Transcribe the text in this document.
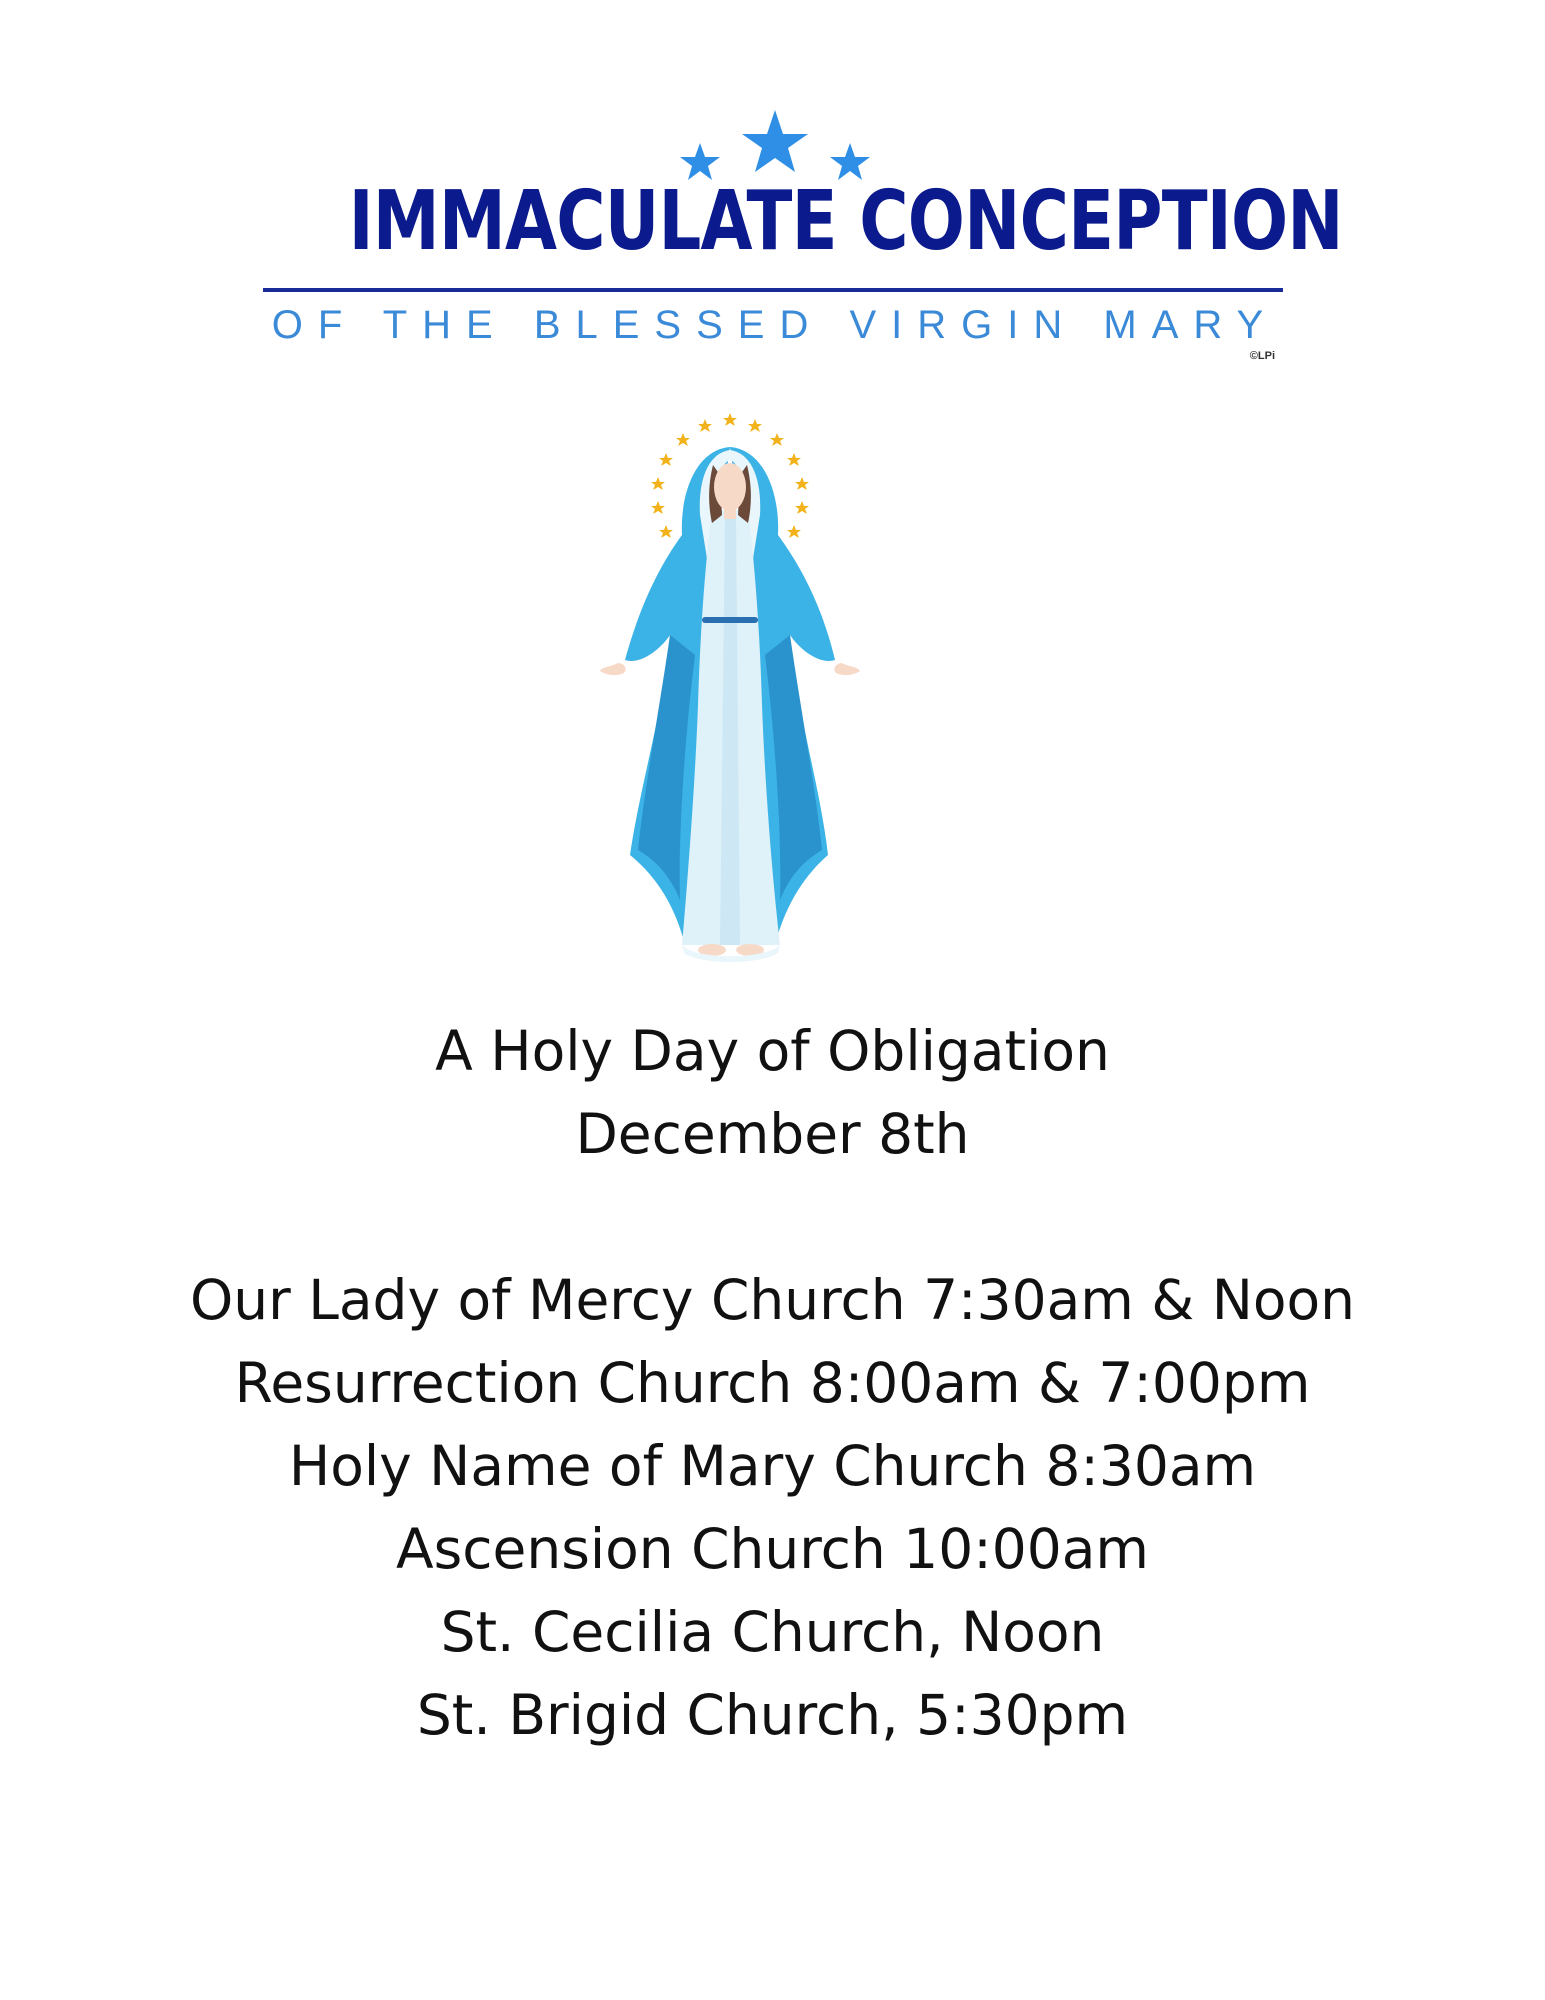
IMMACULATE CONCEPTION
OF THE BLESSED VIRGIN MARY
©LPi
A Holy Day of Obligation
December 8th
Our Lady of Mercy Church 7:30am & Noon
Resurrection Church 8:00am & 7:00pm
Holy Name of Mary Church 8:30am
Ascension Church 10:00am
St. Cecilia Church, Noon
St. Brigid Church, 5:30pm
